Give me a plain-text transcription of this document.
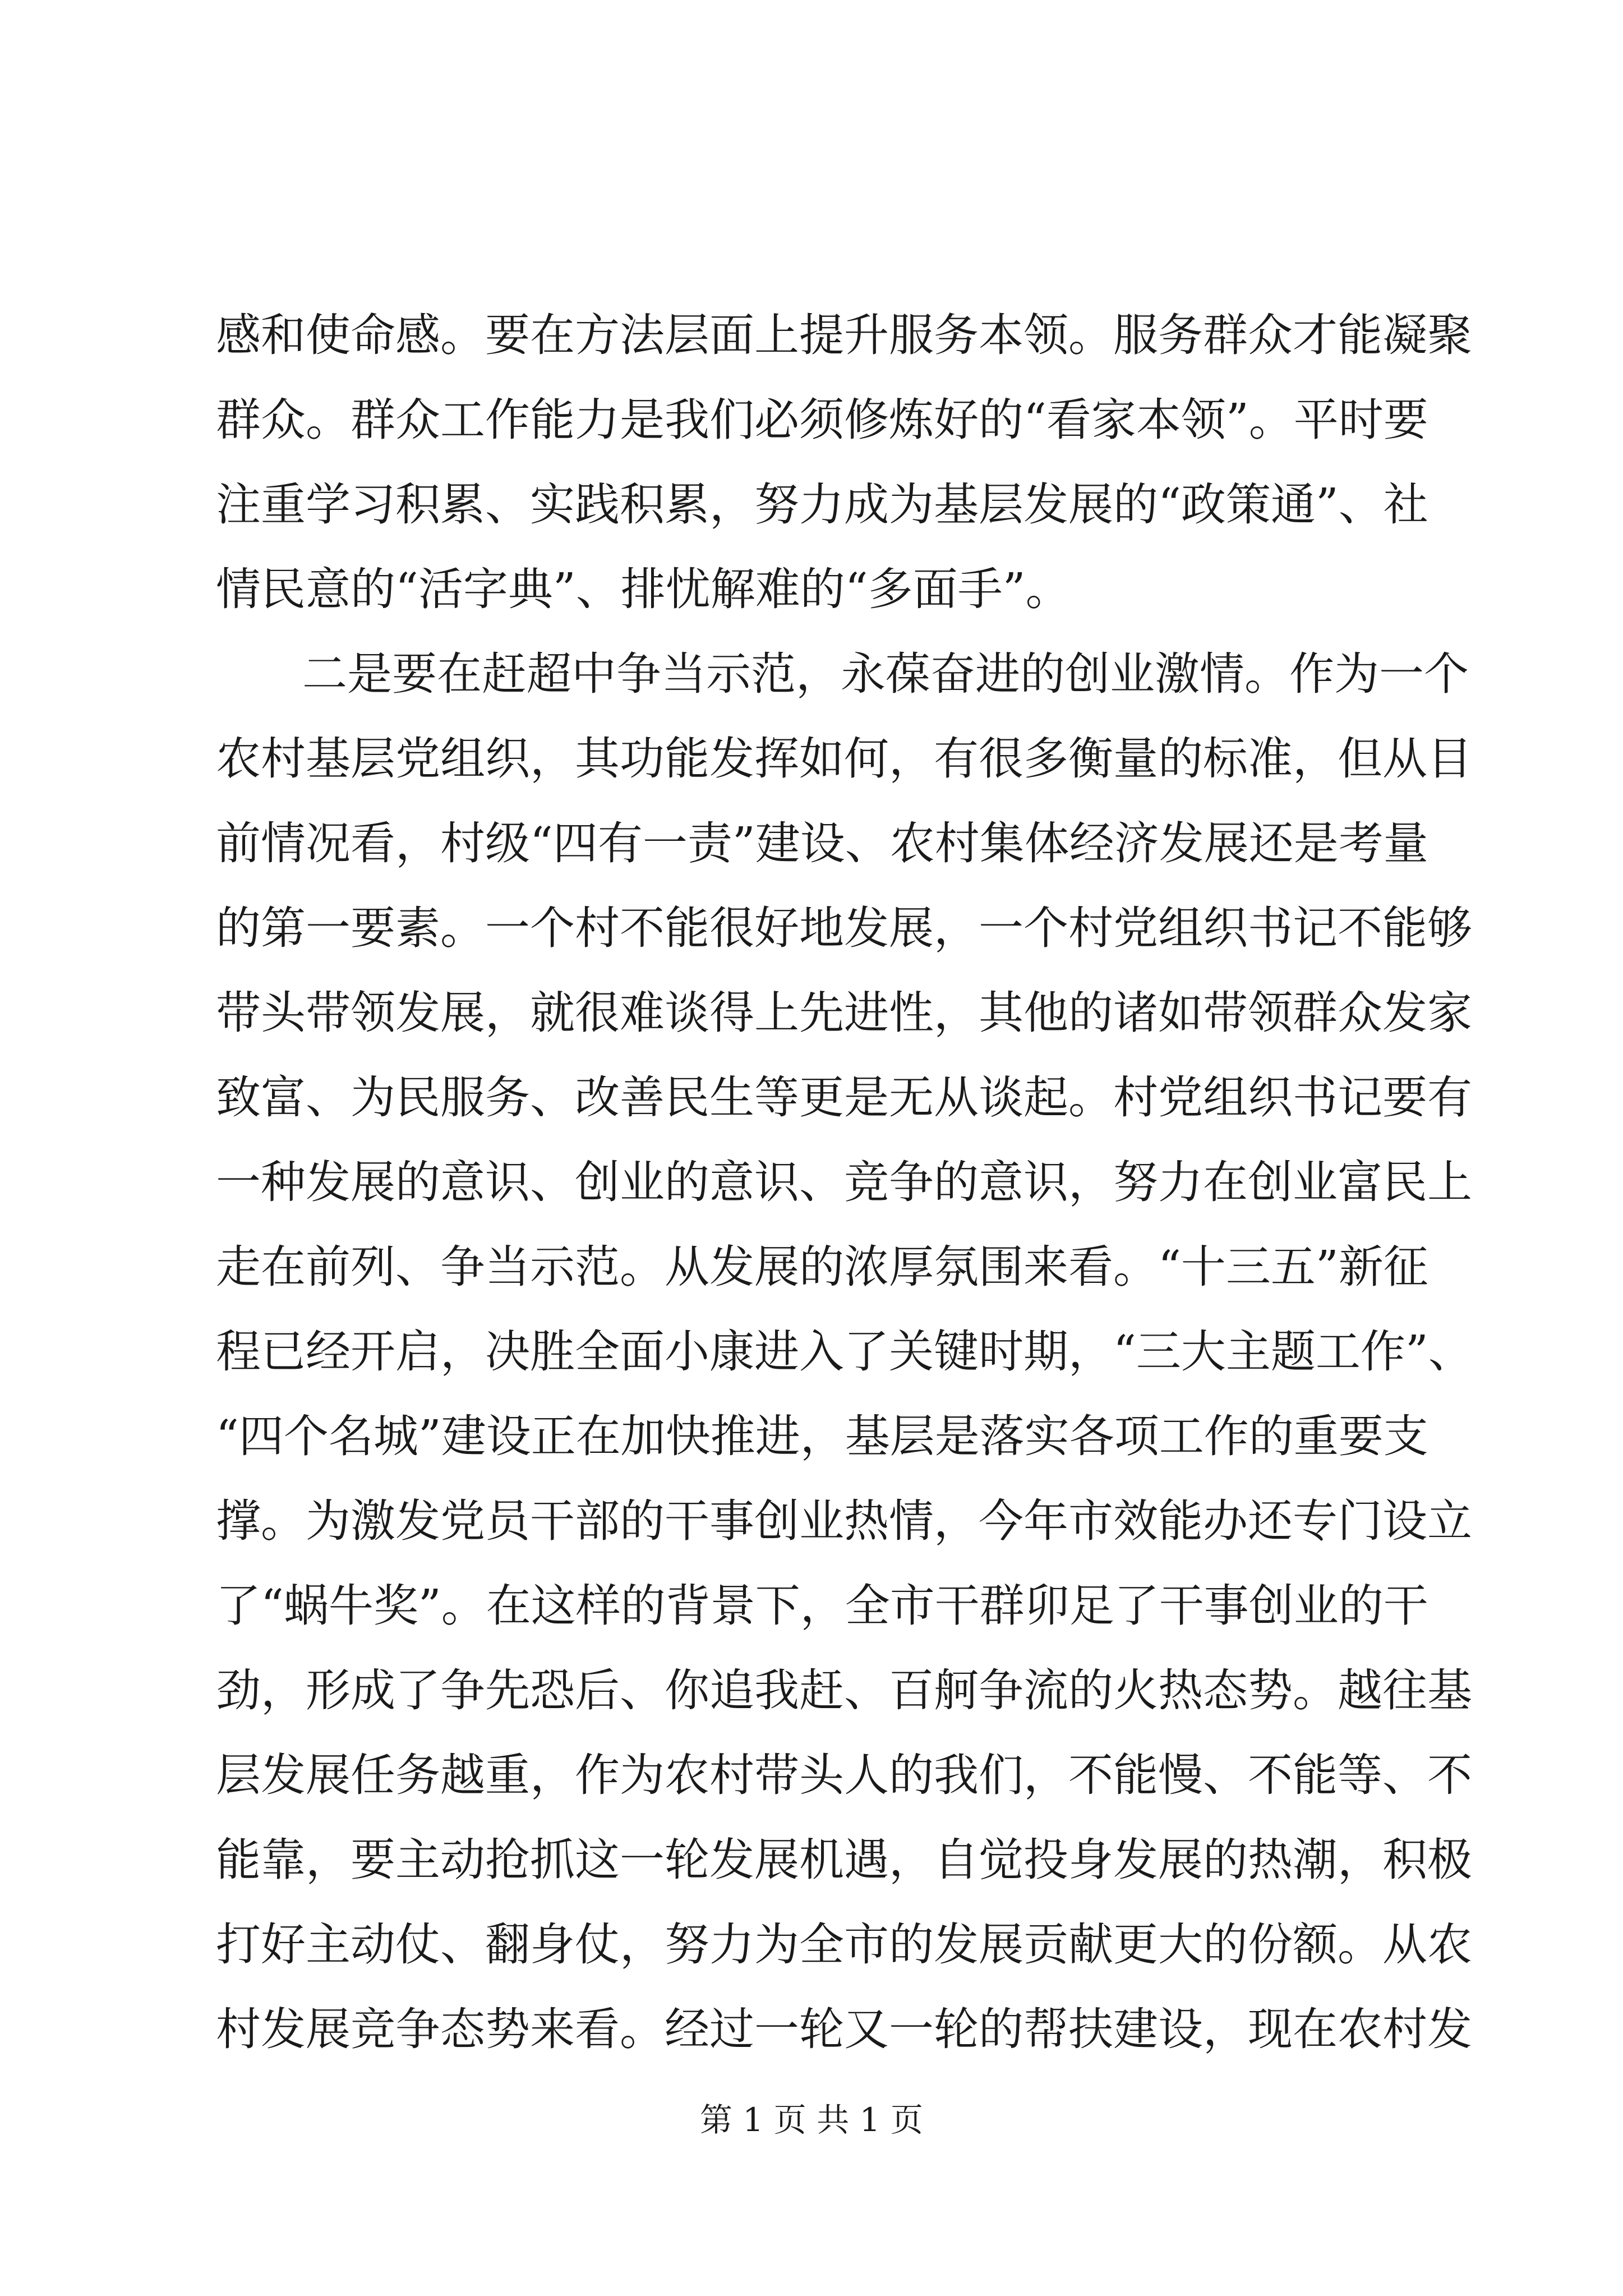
感和使命感。要在方法层面上提升服务本领。服务群众才能凝聚
群众。群众工作能力是我们必须修炼好的“看家本领”。平时要
注重学习积累、实践积累，努力成为基层发展的“政策通”、社
情民意的“活字典”、排忧解难的“多面手”。
二是要在赶超中争当示范，永葆奋进的创业激情。作为一个
农村基层党组织，其功能发挥如何，有很多衡量的标准，但从目
前情况看，村级“四有一责”建设、农村集体经济发展还是考量
的第一要素。一个村不能很好地发展，一个村党组织书记不能够
带头带领发展，就很难谈得上先进性，其他的诸如带领群众发家
致富、为民服务、改善民生等更是无从谈起。村党组织书记要有
一种发展的意识、创业的意识、竞争的意识，努力在创业富民上
走在前列、争当示范。从发展的浓厚氛围来看。“十三五”新征
程已经开启，决胜全面小康进入了关键时期，“三大主题工作”、
“四个名城”建设正在加快推进，基层是落实各项工作的重要支
撑。为激发党员干部的干事创业热情，今年市效能办还专门设立
了“蜗牛奖”。在这样的背景下，全市干群卯足了干事创业的干
劲，形成了争先恐后、你追我赶、百舸争流的火热态势。越往基
层发展任务越重，作为农村带头人的我们，不能慢、不能等、不
能靠，要主动抢抓这一轮发展机遇，自觉投身发展的热潮，积极
打好主动仗、翻身仗，努力为全市的发展贡献更大的份额。从农
村发展竞争态势来看。经过一轮又一轮的帮扶建设，现在农村发
第 1 页 共 1 页
